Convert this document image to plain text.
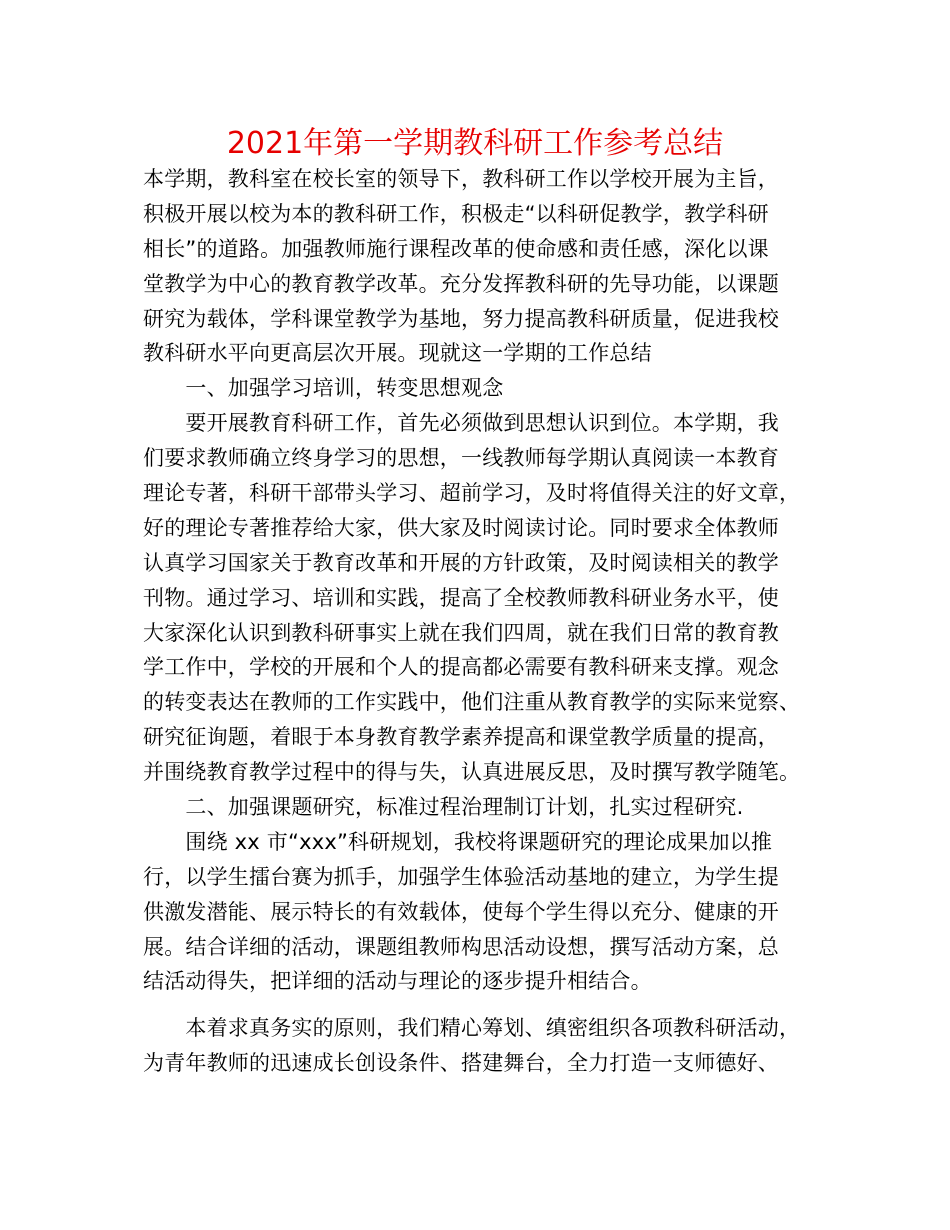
2021年第一学期教科研工作参考总结
本学期，教科室在校长室的领导下，教科研工作以学校开展为主旨，
积极开展以校为本的教科研工作，积极走“以科研促教学，教学科研
相长”的道路。加强教师施行课程改革的使命感和责任感，深化以课
堂教学为中心的教育教学改革。充分发挥教科研的先导功能，以课题
研究为载体，学科课堂教学为基地，努力提高教科研质量，促进我校
教科研水平向更高层次开展。现就这一学期的工作总结
　　一、加强学习培训，转变思想观念
　　要开展教育科研工作，首先必须做到思想认识到位。本学期，我
们要求教师确立终身学习的思想，一线教师每学期认真阅读一本教育
理论专著，科研干部带头学习、超前学习，及时将值得关注的好文章，
好的理论专著推荐给大家，供大家及时阅读讨论。同时要求全体教师
认真学习国家关于教育改革和开展的方针政策，及时阅读相关的教学
刊物。通过学习、培训和实践，提高了全校教师教科研业务水平，使
大家深化认识到教科研事实上就在我们四周，就在我们日常的教育教
学工作中，学校的开展和个人的提高都必需要有教科研来支撑。观念
的转变表达在教师的工作实践中，他们注重从教育教学的实际来觉察、
研究征询题，着眼于本身教育教学素养提高和课堂教学质量的提高，
并围绕教育教学过程中的得与失，认真进展反思，及时撰写教学随笔。
　　二、加强课题研究，标准过程治理制订计划，扎实过程研究.
　　围绕 xx 市“xxx”科研规划，我校将课题研究的理论成果加以推
行，以学生擂台赛为抓手，加强学生体验活动基地的建立，为学生提
供激发潜能、展示特长的有效载体，使每个学生得以充分、健康的开
展。结合详细的活动，课题组教师构思活动设想，撰写活动方案，总
结活动得失，把详细的活动与理论的逐步提升相结合。
　　本着求真务实的原则，我们精心筹划、缜密组织各项教科研活动，
为青年教师的迅速成长创设条件、搭建舞台，全力打造一支师德好、
